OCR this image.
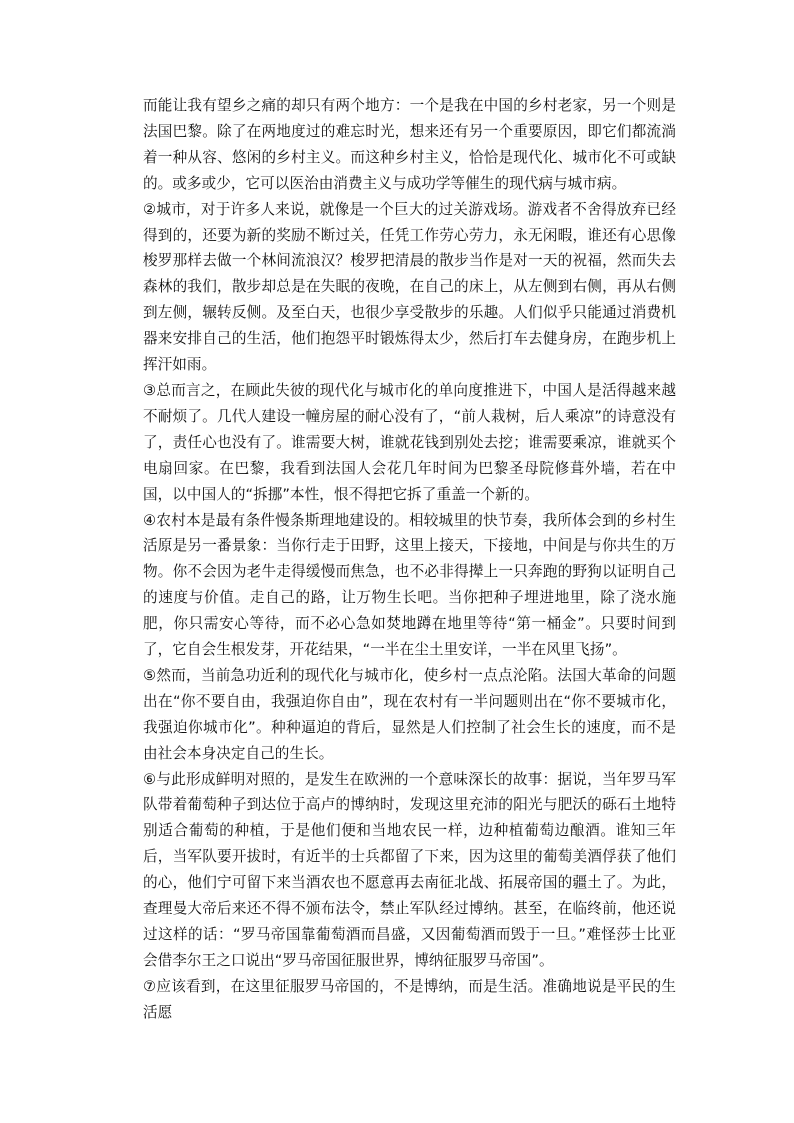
而能让我有望乡之痛的却只有两个地方：一个是我在中国的乡村老家，另一个则是法国巴黎。除了在两地度过的难忘时光，想来还有另一个重要原因，即它们都流淌着一种从容、悠闲的乡村主义。而这种乡村主义，恰恰是现代化、城市化不可或缺的。或多或少，它可以医治由消费主义与成功学等催生的现代病与城市病。

②城市，对于许多人来说，就像是一个巨大的过关游戏场。游戏者不舍得放弃已经得到的，还要为新的奖励不断过关，任凭工作劳心劳力，永无闲暇，谁还有心思像梭罗那样去做一个林间流浪汉？梭罗把清晨的散步当作是对一天的祝福，然而失去森林的我们，散步却总是在失眠的夜晚，在自己的床上，从左侧到右侧，再从右侧到左侧，辗转反侧。及至白天，也很少享受散步的乐趣。人们似乎只能通过消费机器来安排自己的生活，他们抱怨平时锻炼得太少，然后打车去健身房，在跑步机上挥汗如雨。

③总而言之，在顾此失彼的现代化与城市化的单向度推进下，中国人是活得越来越不耐烦了。几代人建设一幢房屋的耐心没有了，“前人栽树，后人乘凉”的诗意没有了，责任心也没有了。谁需要大树，谁就花钱到别处去挖；谁需要乘凉，谁就买个电扇回家。在巴黎，我看到法国人会花几年时间为巴黎圣母院修葺外墙，若在中国，以中国人的“拆挪”本性，恨不得把它拆了重盖一个新的。

④农村本是最有条件慢条斯理地建设的。相较城里的快节奏，我所体会到的乡村生活原是另一番景象：当你行走于田野，这里上接天，下接地，中间是与你共生的万物。你不会因为老牛走得缓慢而焦急，也不必非得撵上一只奔跑的野狗以证明自己的速度与价值。走自己的路，让万物生长吧。当你把种子埋进地里，除了浇水施肥，你只需安心等待，而不必心急如焚地蹲在地里等待“第一桶金”。只要时间到了，它自会生根发芽，开花结果，“一半在尘土里安详，一半在风里飞扬”。

⑤然而，当前急功近利的现代化与城市化，使乡村一点点沦陷。法国大革命的问题出在“你不要自由，我强迫你自由”，现在农村有一半问题则出在“你不要城市化，我强迫你城市化”。种种逼迫的背后，显然是人们控制了社会生长的速度，而不是由社会本身决定自己的生长。

⑥与此形成鲜明对照的，是发生在欧洲的一个意味深长的故事：据说，当年罗马军队带着葡萄种子到达位于高卢的博纳时，发现这里充沛的阳光与肥沃的砾石土地特别适合葡萄的种植，于是他们便和当地农民一样，边种植葡萄边酿酒。谁知三年后，当军队要开拔时，有近半的士兵都留了下来，因为这里的葡萄美酒俘获了他们的心，他们宁可留下来当酒农也不愿意再去南征北战、拓展帝国的疆土了。为此，查理曼大帝后来还不得不颁布法令，禁止军队经过博纳。甚至，在临终前，他还说过这样的话：“罗马帝国靠葡萄酒而昌盛，又因葡萄酒而毁于一旦。”难怪莎士比亚会借李尔王之口说出“罗马帝国征服世界，博纳征服罗马帝国”。

⑦应该看到，在这里征服罗马帝国的，不是博纳，而是生活。准确地说是平民的生活愿
